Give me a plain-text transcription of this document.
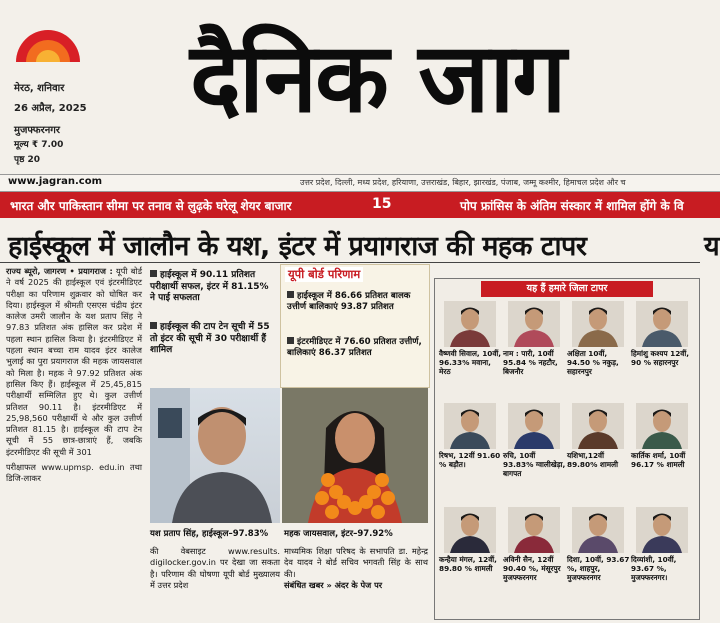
मेरठ, शनिवार
26 अप्रैल, 2025
मुजफ्फरनगर
मूल्य ₹ 7.00
पृष्ठ 20
दैनिक जाग
www.jagran.com	उत्तर प्रदेश, दिल्ली, मध्य प्रदेश, हरियाणा, उत्तराखंड, बिहार, झारखंड, पंजाब, जम्मू कश्मीर, हिमाचल प्रदेश और च
भारत और पाकिस्तान सीमा पर तनाव से लुढ़के घरेलू शेयर बाजार	15	पोप फ्रांसिस के अंतिम संस्कार में शामिल होंगे के वि
हाईस्कूल में जालौन के यश, इंटर में प्रयागराज की महक टापर	य
राज्य ब्यूरो, जागरण • प्रयागराज : यूपी बोर्ड ने वर्ष 2025 की हाईस्कूल एवं इंटरमीडिएट परीक्षा का परिणाम शुक्रवार को घोषित कर दिया। हाईस्कूल में श्रीमती एसएस चंद्रीय इंटर कालेज उमरी जालौन के यश प्रताप सिंह ने 97.83 प्रतिशत अंक हासिल कर प्रदेश में पहला स्थान हासिल किया है। इंटरमीडिएट में पहला स्थान बच्चा राम यादव इंटर कालेज भुलाई का पुरा प्रयागराज की महक जायसवाल को मिला है। महक ने 97.92 प्रतिशत अंक हासिल किए हैं। हाईस्कूल में 25,45,815 परीक्षार्थी सम्मिलित हुए थे। कुल उत्तीर्ण प्रतिशत 90.11 है। इंटरमीडिएट में 25,98,560 परीक्षार्थी थे और कुल उत्तीर्ण प्रतिशत 81.15 है। हाईस्कूल की टाप टेन सूची में 55 छात्र-छात्राएं हैं, जबकि इंटरमीडिएट की सूची में 301
परीक्षाफल www.upmsp. edu.in तथा डिजि-लाकर
हाईस्कूल में 90.11 प्रतिशत परीक्षार्थी सफल, इंटर में 81.15% ने पाई सफलता
हाईस्कूल की टाप टेन सूची में 55 तो इंटर की सूची में 30 परीक्षार्थी हैं शामिल
यूपी बोर्ड परिणाम
हाईस्कूल में 86.66 प्रतिशत बालक उत्तीर्ण बालिकाएं 93.87 प्रतिशत
इंटरमीडिएट में 76.60 प्रतिशत उत्तीर्ण, बालिकाएं 86.37 प्रतिशत
यश प्रताप सिंह, हाईस्कूल–97.83% महक जायसवाल, इंटर–97.92%
की वेबसाइट www.results. digilocker.gov.in पर देखा जा सकता है। परिणाम की घोषणा यूपी बोर्ड मुख्यालय में उत्तर प्रदेश
माध्यमिक शिक्षा परिषद के सभापति डा. महेन्द्र देव यादव ने बोर्ड सचिव भगवती सिंह के साथ की।
संबंधित खबर » अंदर के पेज पर
यह हैं हमारे जिला टापर
वैष्णवी सिवाल, 10वीं, 96.33% मवाना, मेरठ
नाम : पारी, 10वीं 95.84 % नहटौर, बिजनौर
अक्षिता 10वीं, 94.50 % नकुड़, सहारनपुर
हिमांशु कश्यप 12वीं, 90 % सहारनपुर
रिषभ, 12वीं 91.60 % बड़ौत।
रुचि, 10वीं 93.83% ग्वालीखेड़ा, बागपत
यशिभा,12वीं 89.80% शामली
कार्तिक शर्मा, 10वीं 96.17 % शामली
कन्हैया मंगल, 12वीं, 89.80 % शामली
अविनी सैन, 12वीं 90.40 %, मंसूरपुर मुजफ्फरनगर
दिशा, 10वीं, 93.67 %, शाहपुर, मुजफ्फरनगर
दिव्यांशी, 10वीं, 93.67 %, मुजफ्फरनगर।
